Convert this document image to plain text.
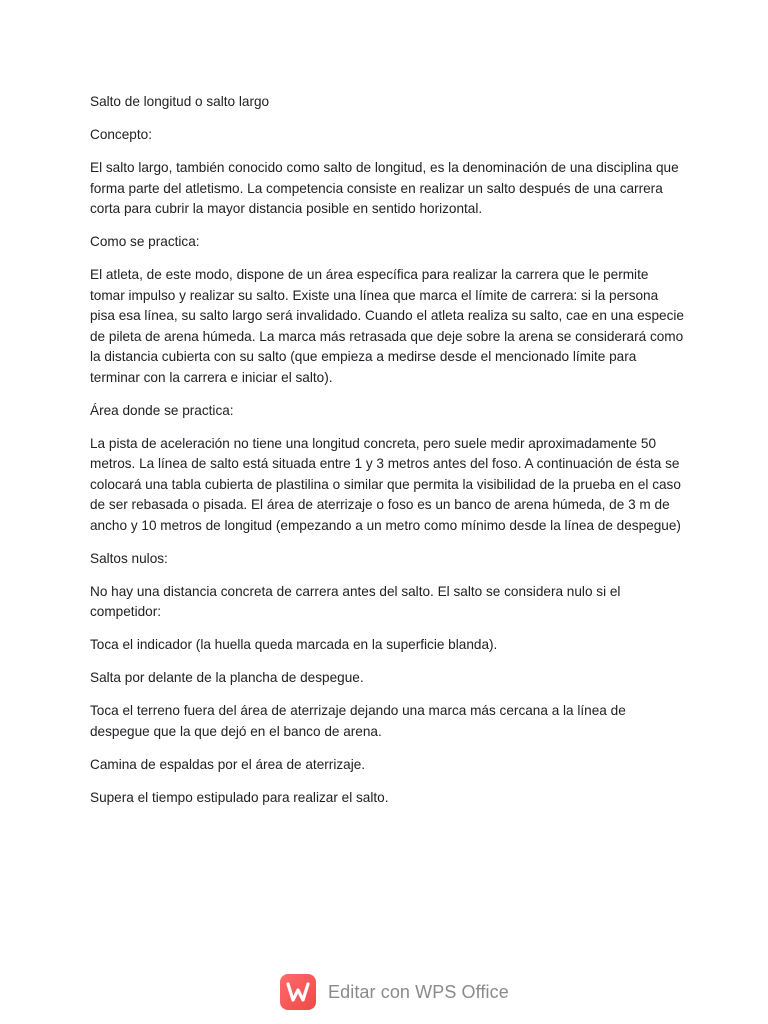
Salto de longitud o salto largo

Concepto:

El salto largo, también conocido como salto de longitud, es la denominación de una disciplina que forma parte del atletismo. La competencia consiste en realizar un salto después de una carrera corta para cubrir la mayor distancia posible en sentido horizontal.

Como se practica:

El atleta, de este modo, dispone de un área específica para realizar la carrera que le permite tomar impulso y realizar su salto. Existe una línea que marca el límite de carrera: si la persona pisa esa línea, su salto largo será invalidado. Cuando el atleta realiza su salto, cae en una especie de pileta de arena húmeda. La marca más retrasada que deje sobre la arena se considerará como la distancia cubierta con su salto (que empieza a medirse desde el mencionado límite para terminar con la carrera e iniciar el salto).

Área donde se practica:

La pista de aceleración no tiene una longitud concreta, pero suele medir aproximadamente 50 metros. La línea de salto está situada entre 1 y 3 metros antes del foso. A continuación de ésta se colocará una tabla cubierta de plastilina o similar que permita la visibilidad de la prueba en el caso de ser rebasada o pisada. El área de aterrizaje o foso es un banco de arena húmeda, de 3 m de ancho y 10 metros de longitud (empezando a un metro como mínimo desde la línea de despegue)

Saltos nulos:

No hay una distancia concreta de carrera antes del salto. El salto se considera nulo si el competidor:

Toca el indicador (la huella queda marcada en la superficie blanda).

Salta por delante de la plancha de despegue.

Toca el terreno fuera del área de aterrizaje dejando una marca más cercana a la línea de despegue que la que dejó en el banco de arena.

Camina de espaldas por el área de aterrizaje.

Supera el tiempo estipulado para realizar el salto.

Editar con WPS Office
